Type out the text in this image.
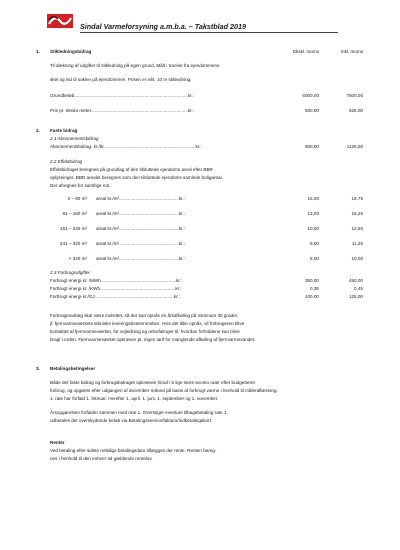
Sindal Varmeforsyning a.m.b.a. – Takstblad 2019
1. Stikledningsbidrag	Ekskl. moms	Inkl. moms
Til dækning af udgifter til stikledning på egen grund. Målt i tracéet fra ejendommens
skel og ind til soklen på ejendommen. Prisen er inkl. 10 m stikledning.
Grundbeløb.........................................................................................kr.:	6000,00	7500,00
Pris pr. ekstra meter............................................................................kr.:	500,00	625,00
2. Faste bidrag
2.1 Abonnementsbidrag
Abonnementsbidrag, kr./år........................................................................kr.:	900,00	1125,00
2.2 Effektbidrag
Effektbidraget beregnes på grundlag af den tilsluttede ejendoms areal efter BBR
oplysninger. BBR arealet beregnes som den tilsluttede ejendoms samlede boligareal.
Der afregnes for samtlige m2.
0 – 80 m² areal kr./m²...............................................kr.:	15,00	18,75
81 – 160 m² areal kr./m²...............................................kr.:	13,00	16,25
161 – 240 m² areal kr./m²...............................................kr.:	10,00	12,50
241 – 320 m² areal kr./m²...............................................kr.:	9,00	11,25
> 320 m² areal kr./m²...............................................kr.:	8,00	10,00
2.3 Forbrugsafgifter
Forbrugt energi kr. /MWh...........................................................kr.:	360,00	450,00
Forbrugt energi kr. /KWh...........................................................kr.:	0,36	0,45
Forbrugt energi kr./GJ..............................................................kr.:	100,00	125,00
Forbrugeranlæg skal være indrettet, så der kan opnås en årsafkøling på minimum 30 grader,
jf. fjernvarmeværkets tekniske leveringsbestemmelser. Hvis det ikke opnås, vil forbrugeren blive
kontaktet af fjernvarmeværket, for vejledning og anbefalinger til, hvordan forholdene kan blive
bragt i orden. Fjernvarmeværket opkræver pt. ingen tarif for manglende afkøling af fjernvarmevandet.
3. Betalingsbetingelser
Både det faste bidrag og forbrugsbidraget opkræves forud i 5 lige store aconto rater efter budgetteret
forbrug, og opgøres efter udgangen af december måned på basis af forbrugt varme i henhold til måleraflæsning.
1. rate har forfald 1. februar. Herefter 1. april, 1. juni, 1. september og 1. november.
Årsopgørelsen forfalder sammen med rate 1. Overstiger eventuel tilbagebetaling rate 1,
udbetales det overskydende beløb via Betalingsservice/faktura/indbetalingskort.
Renter
Ved betaling efter sidste rettidige betalingsdato tillægges der rente. Renten bereg-
nes i henhold til den enhver tid gældende rentelov.
